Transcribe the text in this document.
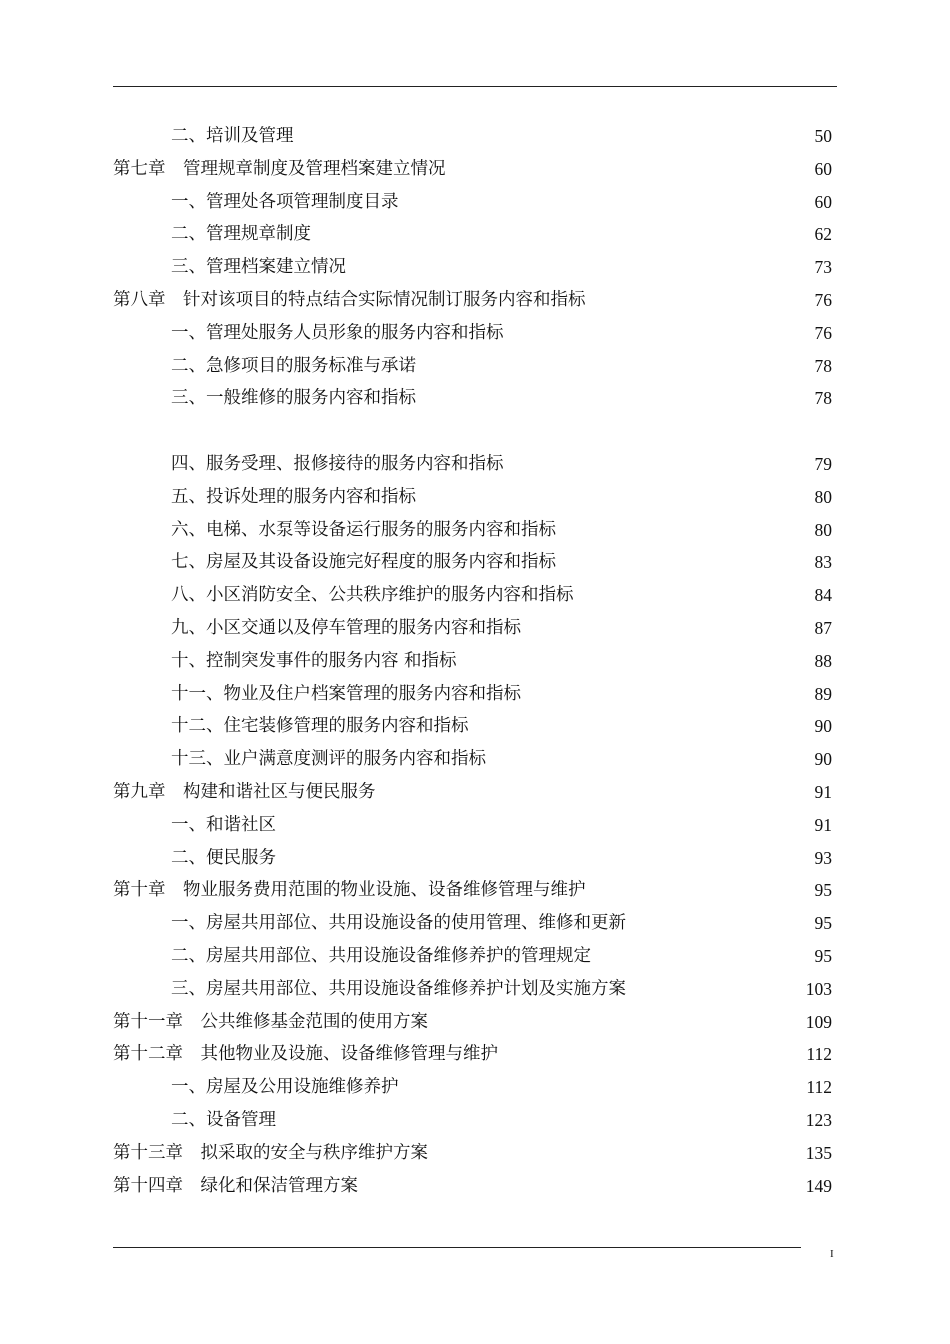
二、培训及管理	50
第七章　管理规章制度及管理档案建立情况	60
一、管理处各项管理制度目录	60
二、管理规章制度	62
三、管理档案建立情况	73
第八章　针对该项目的特点结合实际情况制订服务内容和指标	76
一、管理处服务人员形象的服务内容和指标	76
二、急修项目的服务标准与承诺	78
三、一般维修的服务内容和指标	78
四、服务受理、报修接待的服务内容和指标	79
五、投诉处理的服务内容和指标	80
六、电梯、水泵等设备运行服务的服务内容和指标	80
七、房屋及其设备设施完好程度的服务内容和指标	83
八、小区消防安全、公共秩序维护的服务内容和指标	84
九、小区交通以及停车管理的服务内容和指标	87
十、控制突发事件的服务内容 和指标	88
十一、物业及住户档案管理的服务内容和指标	89
十二、住宅装修管理的服务内容和指标	90
十三、业户满意度测评的服务内容和指标	90
第九章　构建和谐社区与便民服务	91
一、和谐社区	91
二、便民服务	93
第十章　物业服务费用范围的物业设施、设备维修管理与维护	95
一、房屋共用部位、共用设施设备的使用管理、维修和更新	95
二、房屋共用部位、共用设施设备维修养护的管理规定	95
三、房屋共用部位、共用设施设备维修养护计划及实施方案	103
第十一章　公共维修基金范围的使用方案	109
第十二章　其他物业及设施、设备维修管理与维护	112
一、房屋及公用设施维修养护	112
二、设备管理	123
第十三章　拟采取的安全与秩序维护方案	135
第十四章　绿化和保洁管理方案	149
I
